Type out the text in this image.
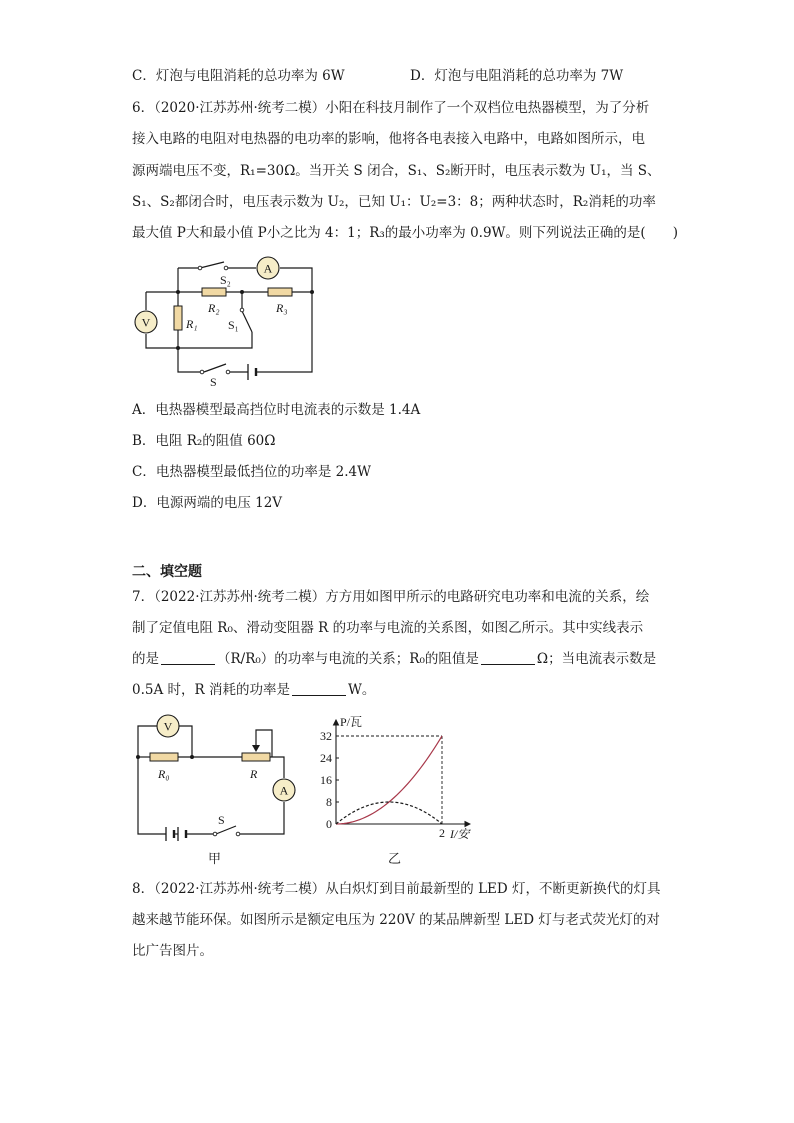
C．灯泡与电阻消耗的总功率为 6W	D．灯泡与电阻消耗的总功率为 7W
6．（2020·江苏苏州·统考二模）小阳在科技月制作了一个双档位电热器模型，为了分析
接入电路的电阻对电热器的电功率的影响，他将各电表接入电路中，电路如图所示，电
源两端电压不变，R₁=30Ω。当开关 S 闭合，S₁、S₂断开时，电压表示数为 U₁，当 S、
S₁、S₂都闭合时，电压表示数为 U₂，已知 U₁：U₂=3：8；两种状态时，R₂消耗的功率
最大值 P大和最小值 P小之比为 4：1；R₃的最小功率为 0.9W。则下列说法正确的是(　　)
A
V
S₂
R₂	R₃
R₁	S₁
S
A．电热器模型最高挡位时电流表的示数是 1.4A
B．电阻 R₂的阻值 60Ω
C．电热器模型最低挡位的功率是 2.4W
D．电源两端的电压 12V
二、填空题
7．（2022·江苏苏州·统考二模）方方用如图甲所示的电路研究电功率和电流的关系，绘
制了定值电阻 R₀、滑动变阻器 R 的功率与电流的关系图，如图乙所示。其中实线表示
的是	（R/R₀）的功率与电流的关系；R₀的阻值是	Ω；当电流表示数是
0.5A 时，R 消耗的功率是	W。
V
A
R₀	R
S
甲
32
24
16
8
0
2
P/瓦
I/安
乙
8．（2022·江苏苏州·统考二模）从白炽灯到目前最新型的 LED 灯，不断更新换代的灯具
越来越节能环保。如图所示是额定电压为 220V 的某品牌新型 LED 灯与老式荧光灯的对
比广告图片。
